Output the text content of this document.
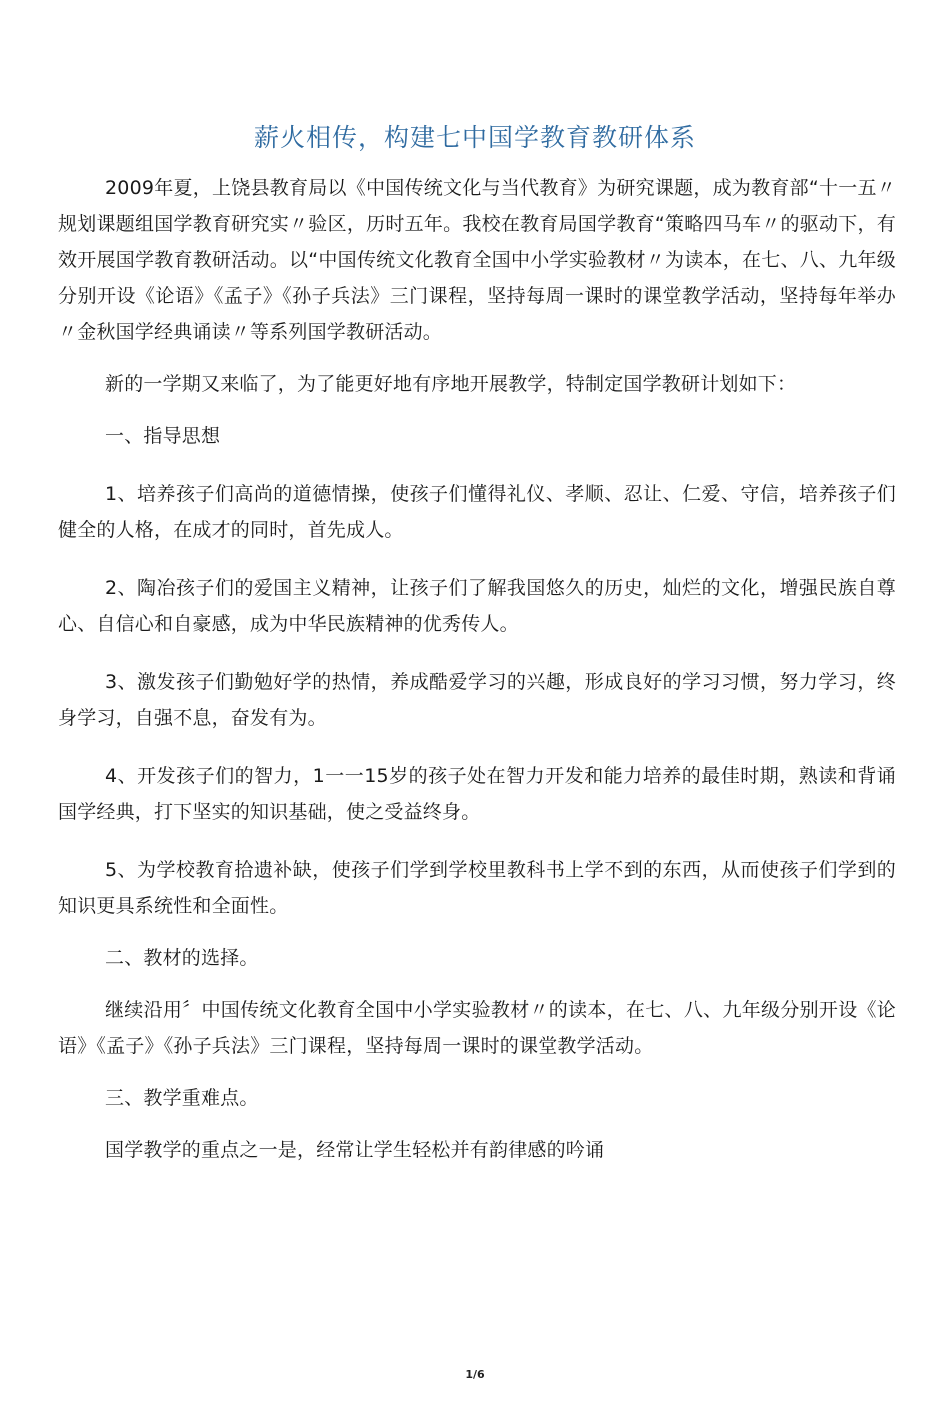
薪火相传，构建七中国学教育教研体系

2009年夏，上饶县教育局以《中国传统文化与当代教育》为研究课题，成为教育部“十一五〃规划课题组国学教育研究实〃验区，历时五年。我校在教育局国学教育“策略四马车〃的驱动下，有效开展国学教育教研活动。以“中国传统文化教育全国中小学实验教材〃为读本，在七、八、九年级分别开设《论语》《孟子》《孙子兵法》三门课程，坚持每周一课时的课堂教学活动，坚持每年举办〃金秋国学经典诵读〃等系列国学教研活动。

新的一学期又来临了，为了能更好地有序地开展教学，特制定国学教研计划如下：

一、指导思想

1、培养孩子们高尚的道德情操，使孩子们懂得礼仪、孝顺、忍让、仁爱、守信，培养孩子们健全的人格，在成才的同时，首先成人。

2、陶冶孩子们的爱国主义精神，让孩子们了解我国悠久的历史，灿烂的文化，增强民族自尊心、自信心和自豪感，成为中华民族精神的优秀传人。

3、激发孩子们勤勉好学的热情，养成酷爱学习的兴趣，形成良好的学习习惯，努力学习，终身学习，自强不息，奋发有为。

4、开发孩子们的智力，1一一15岁的孩子处在智力开发和能力培养的最佳时期，熟读和背诵国学经典，打下坚实的知识基础，使之受益终身。

5、为学校教育拾遗补缺，使孩子们学到学校里教科书上学不到的东西，从而使孩子们学到的知识更具系统性和全面性。

二、教材的选择。

继续沿用〞中国传统文化教育全国中小学实验教材〃的读本，在七、八、九年级分别开设《论语》《孟子》《孙子兵法》三门课程，坚持每周一课时的课堂教学活动。

三、教学重难点。

国学教学的重点之一是，经常让学生轻松并有韵律感的吟诵

1/6
